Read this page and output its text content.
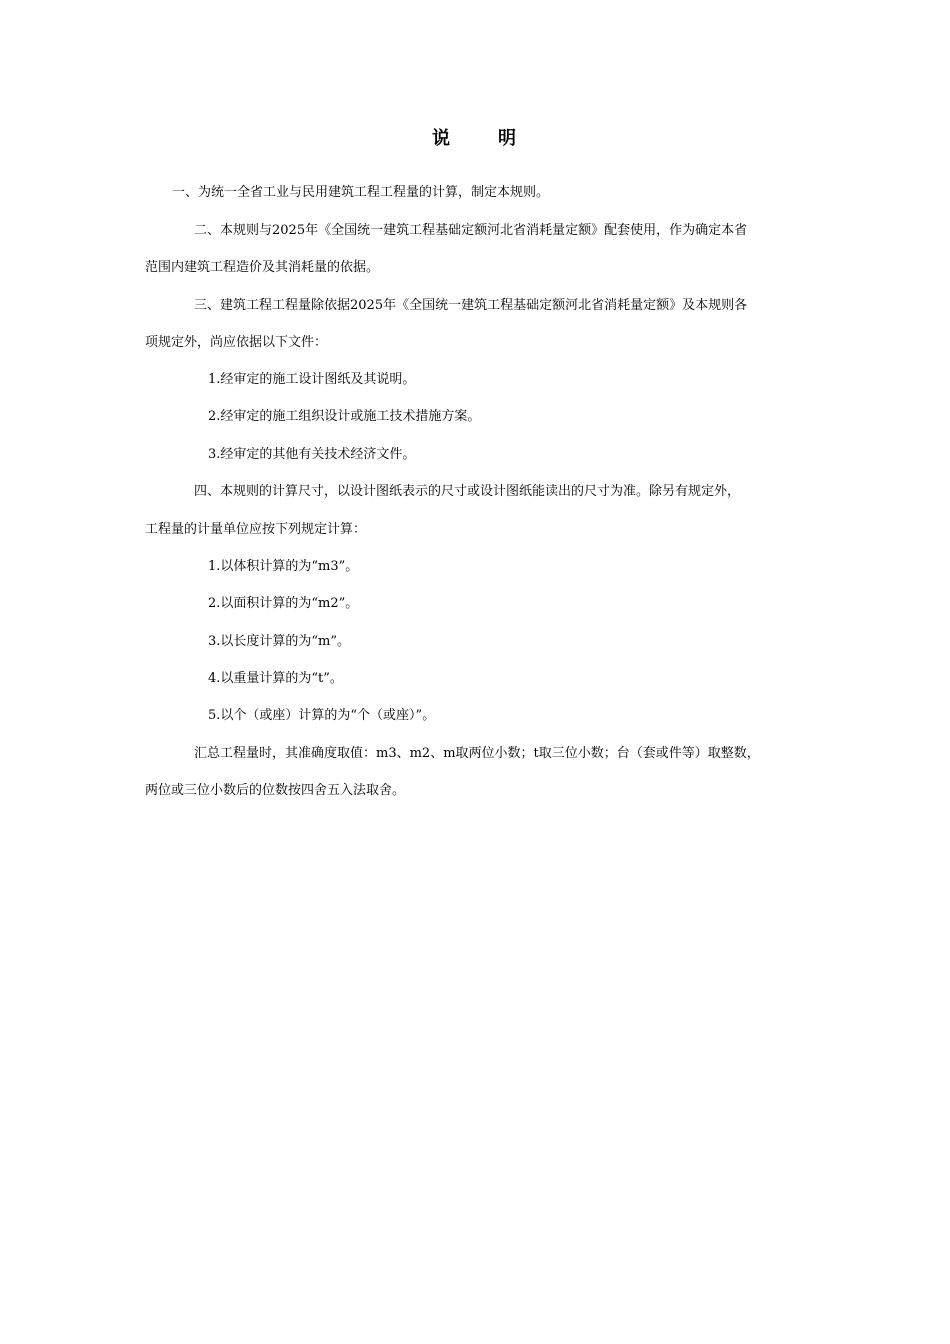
说	明
一、为统一全省工业与民用建筑工程工程量的计算，制定本规则。
二、本规则与2025年《全国统一建筑工程基础定额河北省消耗量定额》配套使用，作为确定本省
范围内建筑工程造价及其消耗量的依据。
三、建筑工程工程量除依据2025年《全国统一建筑工程基础定额河北省消耗量定额》及本规则各
项规定外，尚应依据以下文件：
1.经审定的施工设计图纸及其说明。
2.经审定的施工组织设计或施工技术措施方案。
3.经审定的其他有关技术经济文件。
四、本规则的计算尺寸，以设计图纸表示的尺寸或设计图纸能读出的尺寸为准。除另有规定外，
工程量的计量单位应按下列规定计算：
1.以体积计算的为“m3”。
2.以面积计算的为“m2”。
3.以长度计算的为“m”。
4.以重量计算的为“t”。
5.以个（或座）计算的为“个（或座）”。
汇总工程量时，其准确度取值：m3、m2、m取两位小数；t取三位小数；台（套或件等）取整数，
两位或三位小数后的位数按四舍五入法取舍。
